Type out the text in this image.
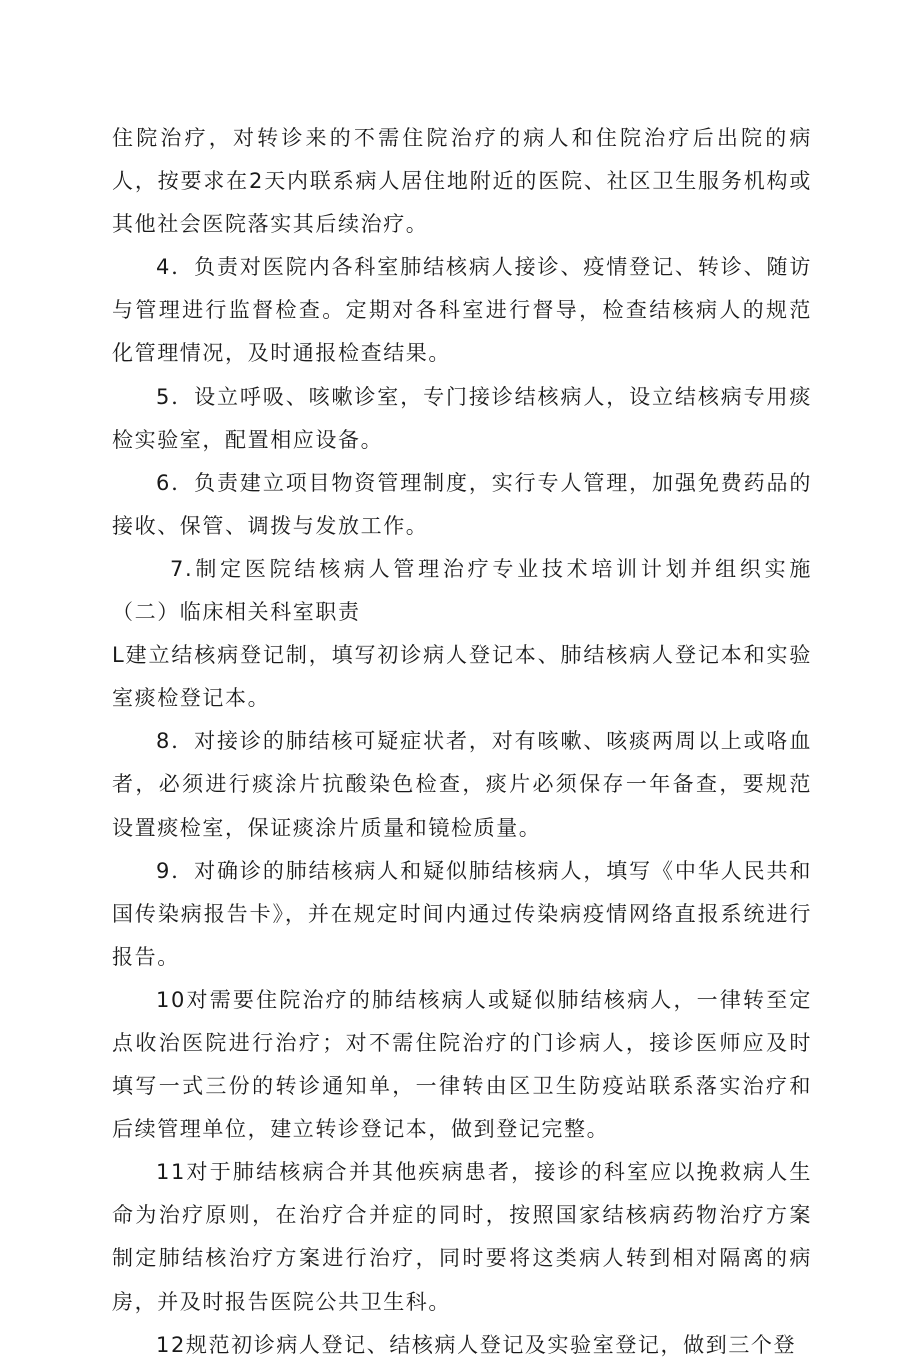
住院治疗，对转诊来的不需住院治疗的病人和住院治疗后出院的病人，按要求在2天内联系病人居住地附近的医院、社区卫生服务机构或其他社会医院落实其后续治疗。

4．负责对医院内各科室肺结核病人接诊、疫情登记、转诊、随访与管理进行监督检查。定期对各科室进行督导，检查结核病人的规范化管理情况，及时通报检查结果。

5．设立呼吸、咳嗽诊室，专门接诊结核病人，设立结核病专用痰检实验室，配置相应设备。

6．负责建立项目物资管理制度，实行专人管理，加强免费药品的接收、保管、调拨与发放工作。

7.制定医院结核病人管理治疗专业技术培训计划并组织实施（二）临床相关科室职责

L建立结核病登记制，填写初诊病人登记本、肺结核病人登记本和实验室痰检登记本。

8．对接诊的肺结核可疑症状者，对有咳嗽、咳痰两周以上或咯血者，必须进行痰涂片抗酸染色检查，痰片必须保存一年备查，要规范设置痰检室，保证痰涂片质量和镜检质量。

9．对确诊的肺结核病人和疑似肺结核病人，填写《中华人民共和国传染病报告卡》，并在规定时间内通过传染病疫情网络直报系统进行报告。

10对需要住院治疗的肺结核病人或疑似肺结核病人，一律转至定点收治医院进行治疗；对不需住院治疗的门诊病人，接诊医师应及时填写一式三份的转诊通知单，一律转由区卫生防疫站联系落实治疗和后续管理单位，建立转诊登记本，做到登记完整。

11对于肺结核病合并其他疾病患者，接诊的科室应以挽救病人生命为治疗原则，在治疗合并症的同时，按照国家结核病药物治疗方案制定肺结核治疗方案进行治疗，同时要将这类病人转到相对隔离的病房，并及时报告医院公共卫生科。

12规范初诊病人登记、结核病人登记及实验室登记，做到三个登
